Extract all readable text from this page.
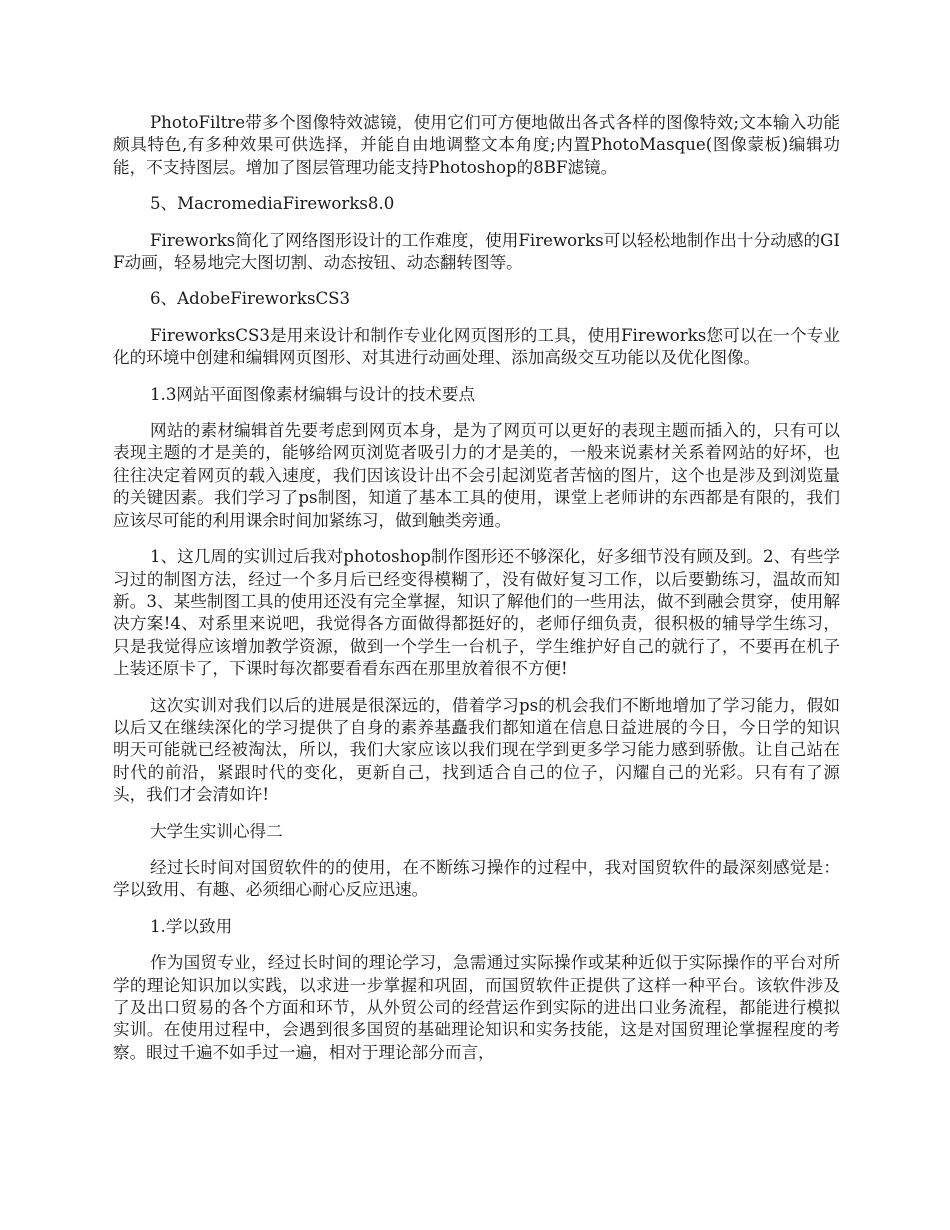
PhotoFiltre带多个图像特效滤镜，使用它们可方便地做出各式各样的图像特效;文本输入功能颇具特色,有多种效果可供选择，并能自由地调整文本角度;内置PhotoMasque(图像蒙板)编辑功能，不支持图层。增加了图层管理功能支持Photoshop的8BF滤镜。

5、MacromediaFireworks8.0

Fireworks简化了网络图形设计的工作难度，使用Fireworks可以轻松地制作出十分动感的GIF动画，轻易地完大图切割、动态按钮、动态翻转图等。

6、AdobeFireworksCS3

FireworksCS3是用来设计和制作专业化网页图形的工具，使用Fireworks您可以在一个专业化的环境中创建和编辑网页图形、对其进行动画处理、添加高级交互功能以及优化图像。

1.3网站平面图像素材编辑与设计的技术要点

网站的素材编辑首先要考虑到网页本身，是为了网页可以更好的表现主题而插入的，只有可以表现主题的才是美的，能够给网页浏览者吸引力的才是美的，一般来说素材关系着网站的好坏，也往往决定着网页的载入速度，我们因该设计出不会引起浏览者苦恼的图片，这个也是涉及到浏览量的关键因素。我们学习了ps制图，知道了基本工具的使用，课堂上老师讲的东西都是有限的，我们应该尽可能的利用课余时间加紧练习，做到触类旁通。

1、这几周的实训过后我对photoshop制作图形还不够深化，好多细节没有顾及到。2、有些学习过的制图方法，经过一个多月后已经变得模糊了，没有做好复习工作，以后要勤练习，温故而知新。3、某些制图工具的使用还没有完全掌握，知识了解他们的一些用法，做不到融会贯穿，使用解决方案!4、对系里来说吧，我觉得各方面做得都挺好的，老师仔细负责，很积极的辅导学生练习，只是我觉得应该增加教学资源，做到一个学生一台机子，学生维护好自己的就行了，不要再在机子上装还原卡了，下课时每次都要看看东西在那里放着很不方便!

这次实训对我们以后的进展是很深远的，借着学习ps的机会我们不断地增加了学习能力，假如以后又在继续深化的学习提供了自身的素养基矗我们都知道在信息日益进展的今日，今日学的知识明天可能就已经被淘汰，所以，我们大家应该以我们现在学到更多学习能力感到骄傲。让自己站在时代的前沿，紧跟时代的变化，更新自己，找到适合自己的位子，闪耀自己的光彩。只有有了源头，我们才会清如许!

大学生实训心得二

经过长时间对国贸软件的的使用，在不断练习操作的过程中，我对国贸软件的最深刻感觉是：学以致用、有趣、必须细心耐心反应迅速。

1.学以致用

作为国贸专业，经过长时间的理论学习，急需通过实际操作或某种近似于实际操作的平台对所学的理论知识加以实践，以求进一步掌握和巩固，而国贸软件正提供了这样一种平台。该软件涉及了及出口贸易的各个方面和环节，从外贸公司的经营运作到实际的进出口业务流程，都能进行模拟实训。在使用过程中，会遇到很多国贸的基础理论知识和实务技能，这是对国贸理论掌握程度的考察。眼过千遍不如手过一遍，相对于理论部分而言，
